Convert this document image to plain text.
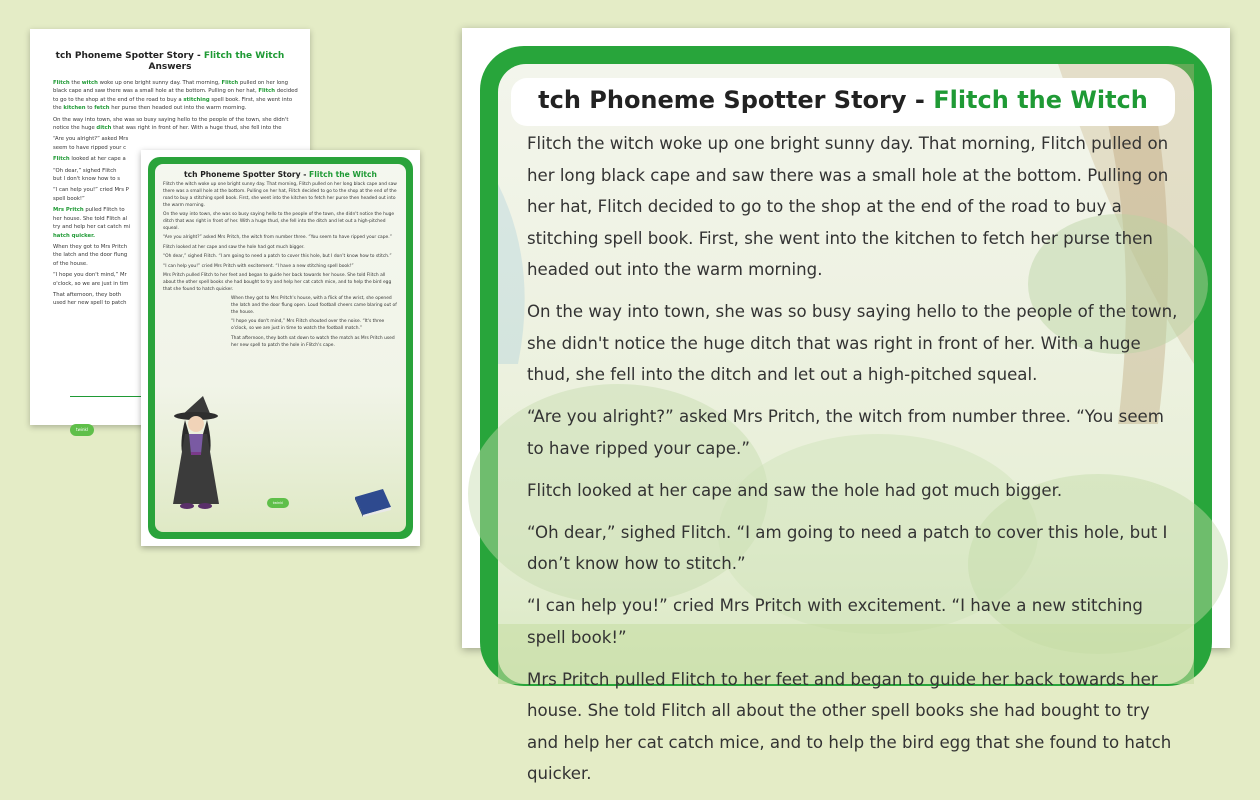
tch Phoneme Spotter Story - Flitch the Witch
Answers

Flitch the witch woke up one bright sunny day. That morning, Flitch pulled on her long black cape and saw there was a small hole at the bottom. Pulling on her hat, Flitch decided to go to the shop at the end of the road to buy a stitching spell book. First, she went into the kitchen to fetch her purse then headed out into the warm morning.

On the way into town, she was so busy saying hello to the people of the town, she didn't notice the huge ditch that was right in front of her. With a huge thud, she fell into the

“Are you alright?” asked Mrs
seem to have ripped your c

Flitch looked at her cape a

“Oh dear,” sighed Flitch
but I don't know how to s

“I can help you!” cried Mrs P
spell book!”

Mrs Pritch pulled Flitch to
her house. She told Flitch al
try and help her cat catch mi
hatch quicker.

When they got to Mrs Pritch
the latch and the door flung
of the house.

“I hope you don't mind,” Mr
o'clock, so we are just in tim

That afternoon, they both
used her new spell to patch

twinkl
tch Phoneme Spotter Story - Flitch the Witch

Flitch the witch woke up one bright sunny day. That morning, Flitch pulled on her long black cape and saw there was a small hole at the bottom. Pulling on her hat, Flitch decided to go to the shop at the end of the road to buy a stitching spell book. First, she went into the kitchen to fetch her purse then headed out into the warm morning.

On the way into town, she was so busy saying hello to the people of the town, she didn't notice the huge ditch that was right in front of her. With a huge thud, she fell into the ditch and let out a high-pitched squeal.

“Are you alright?” asked Mrs Pritch, the witch from number three. “You seem to have ripped your cape.”

Flitch looked at her cape and saw the hole had got much bigger.

“Oh dear,” sighed Flitch. “I am going to need a patch to cover this hole, but I don’t know how to stitch.”

“I can help you!” cried Mrs Pritch with excitement. “I have a new stitching spell book!”

Mrs Pritch pulled Flitch to her feet and began to guide her back towards her house. She told Flitch all about the other spell books she had bought to try and help her cat catch mice, and to help the bird egg that she found to hatch quicker.

When they got to Mrs Pritch's house, with a flick of the wrist, she opened the latch and the door flung open. Loud football cheers came blaring out of the house.

“I hope you don't mind,” Mrs Flitch shouted over the noise. “It's three o'clock, so we are just in time to watch the football match.”

That afternoon, they both sat down to watch the match as Mrs Pritch used her new spell to patch the hole in Flitch's cape.

twinkl
tch Phoneme Spotter Story - Flitch the Witch

Flitch the witch woke up one bright sunny day. That morning, Flitch pulled on her long black cape and saw there was a small hole at the bottom. Pulling on her hat, Flitch decided to go to the shop at the end of the road to buy a stitching spell book. First, she went into the kitchen to fetch her purse then headed out into the warm morning.

On the way into town, she was so busy saying hello to the people of the town, she didn't notice the huge ditch that was right in front of her. With a huge thud, she fell into the ditch and let out a high-pitched squeal.

“Are you alright?” asked Mrs Pritch, the witch from number three. “You seem to have ripped your cape.”

Flitch looked at her cape and saw the hole had got much bigger.

“Oh dear,” sighed Flitch. “I am going to need a patch to cover this hole, but I don’t know how to stitch.”

“I can help you!” cried Mrs Pritch with excitement. “I have a new stitching spell book!”

Mrs Pritch pulled Flitch to her feet and began to guide her back towards her house. She told Flitch all about the other spell books she had bought to try and help her cat catch mice, and to help the bird egg that she found to hatch quicker.
